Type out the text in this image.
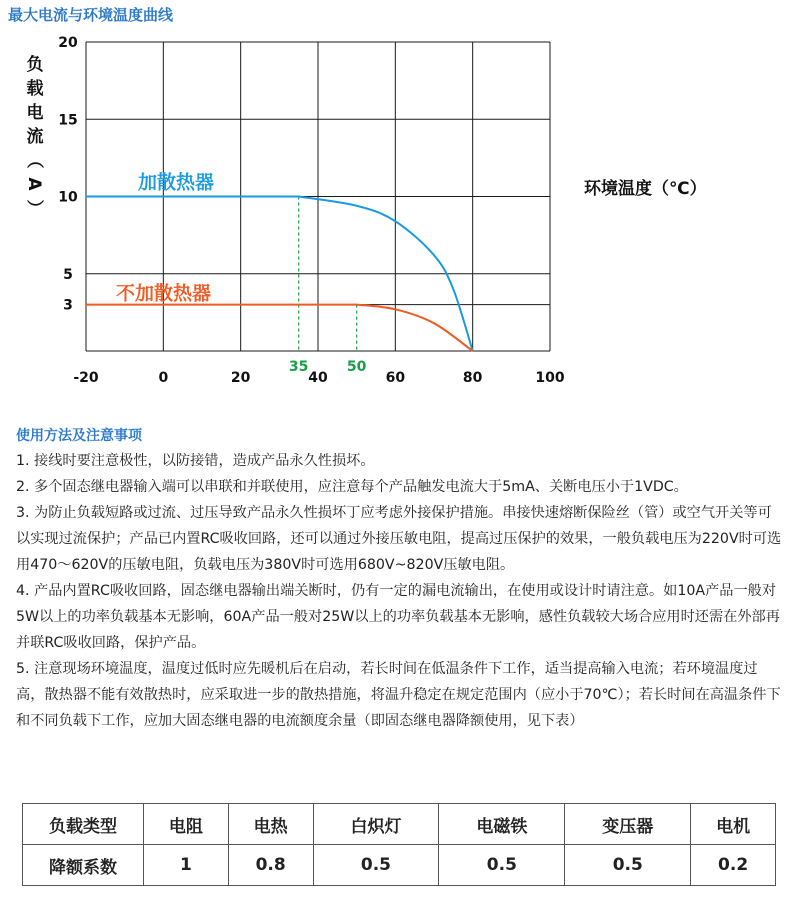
最大电流与环境温度曲线
-20	0	20	40	60	80	100
20
15
10
5
3
负
载
电
流
（
A
）
环境温度（℃）
35	50
加散热器
不加散热器
使用方法及注意事项

1. 接线时要注意极性，以防接错，造成产品永久性损坏。

2. 多个固态继电器输入端可以串联和并联使用，应注意每个产品触发电流大于5mA、关断电压小于1VDC。

3. 为防止负载短路或过流、过压导致产品永久性损坏丁应考虑外接保护措施。串接快速熔断保险丝（管）或空气开关等可以实现过流保护；产品已内置RC吸收回路，还可以通过外接压敏电阻，提高过压保护的效果，一般负载电压为220V时可选用470～620V的压敏电阻，负载电压为380V时可选用680V~820V压敏电阻。

4. 产品内置RC吸收回路，固态继电器输出端关断时，仍有一定的漏电流输出，在使用或设计时请注意。如10A产品一般对5W以上的功率负载基本无影响，60A产品一般对25W以上的功率负载基本无影响，感性负载较大场合应用时还需在外部再并联RC吸收回路，保护产品。

5. 注意现场环境温度，温度过低时应先暖机后在启动，若长时间在低温条件下工作，适当提高输入电流；若环境温度过高，散热器不能有效散热时，应采取进一步的散热措施，将温升稳定在规定范围内（应小于70℃）；若长时间在高温条件下和不同负载下工作，应加大固态继电器的电流额度余量（即固态继电器降额使用，见下表）

负载类型	电阻	电热	白炽灯	电磁铁	变压器	电机
降额系数	1	0.8	0.5	0.5	0.5	0.2
